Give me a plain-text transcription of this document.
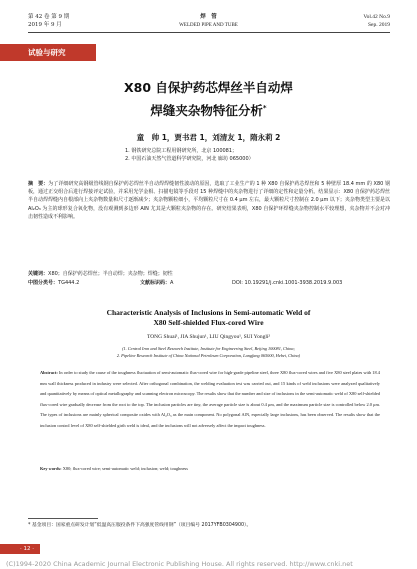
第 42 卷 第 9 期
2019 年 9 月
焊　管
WELDED PIPE AND TUBE
Vol.42 No.9
Sep. 2019
试验与研究
X80 自保护药芯焊丝半自动焊
焊缝夹杂物特征分析*
童　帅 1，贾书君 1，刘清友 1，隋永莉 2
1. 钢铁研究总院工程用钢研究所，北京 100081；
2. 中国石油天然气管道科学研究院，河北 廊坊 065000）
摘　要：为了详细研究高钢级管线钢自保护药芯焊丝半自动焊焊缝韧性波动的原因，选取了工业生产的 1 种 X80 自保护药芯焊丝和 5 种壁厚 18.4 mm 的 X80 钢板，通过正交组合后进行焊接评定试验，并采用光学金相、扫描电镜等手段对 15 种焊缝中的夹杂物进行了详细的定性和定量分析。结果显示：X80 自保护药芯焊丝半自动焊焊缝内自根部向上夹杂物数量和尺寸逐渐减少；夹杂物颗粒细小，平均颗粒尺寸在 0.4 μm 左右，最大颗粒尺寸控制在 2.0 μm 以下；夹杂物类型主要是以 Al₂O₃ 为主的球形复合氧化物，没有观测到多边形 AlN 尤其是大颗粒夹杂物的存在。研究结果表明，X80 自保护环焊缝夹杂物控制水平较理想，夹杂物并不会对冲击韧性造成不利影响。
关键词：X80；自保护药芯焊丝；半自动焊；夹杂物；焊缝；韧性
中图分类号：TG444.2	文献标识码：A	DOI: 10.19291/j.cnki.1001-3938.2019.9.003
Characteristic Analysis of Inclusions in Semi-automatic Weld of
X80 Self-shielded Flux-cored Wire
TONG Shuai¹, JIA Shujun¹, LIU Qingyou¹, SUI Yongli²
(1. Central Iron and Steel Research Institute, Institute for Engineering Steel, Beijing 100081, China;
2. Pipeline Research Institute of China National Petroleum Corporation, Langfang 065000, Hebei, China)
Abstract: In order to study the cause of the toughness fluctuation of semi-automatic flux-cored wire for high-grade pipeline steel, three X80 flux-cored wires and five X80 steel plates with 18.4 mm wall thickness produced in industry were selected. After orthogonal combination, the welding evaluation test was carried out, and 15 kinds of weld inclusions were analyzed qualitatively and quantitatively by means of optical metallography and scanning electron microscopy. The results show that the number and size of inclusions in the semi-automatic weld of X80 self-shielded flux-cored wire gradually decrease from the root to the top. The inclusion particles are tiny, the average particle size is about 0.4 μm, and the maximum particle size is controlled below 2.0 μm. The types of inclusions are mainly spherical composite oxides with Al₂O₃ as the main component. No polygonal AlN, especially large inclusions, has been observed. The results show that the inclusion control level of X80 self-shielded girth weld is ideal, and the inclusions will not adversely affect the impact toughness.
Key words: X80; flux-cored wire; semi-automatic weld; inclusion; weld; toughness
* 基金项目：国家重点研发计划“低温高压服役条件下高强度管线用钢”（项目编号 2017YFB0304900）。
· 12 ·
(C)1994-2020 China Academic Journal Electronic Publishing House. All rights reserved. http://www.cnki.net
